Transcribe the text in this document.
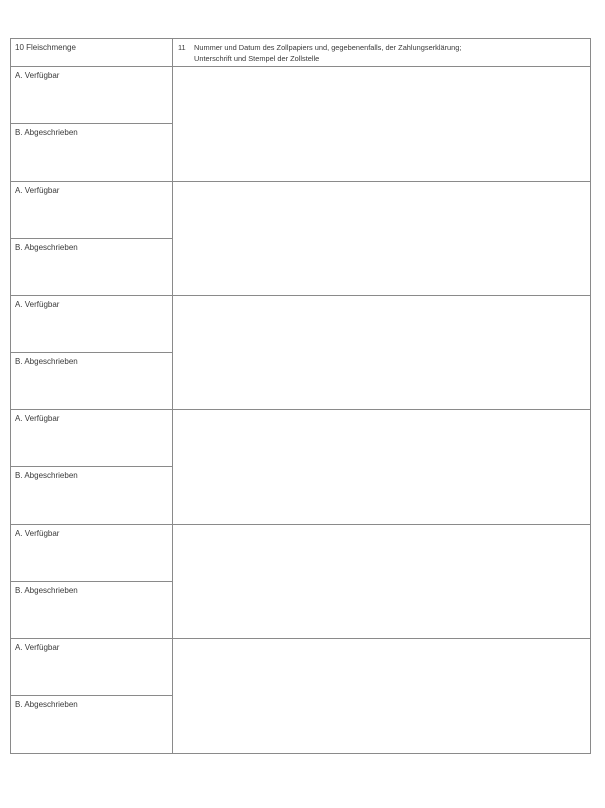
10 Fleischmenge	11 Nummer und Datum des Zollpapiers und, gegebenenfalls, der Zahlungserklärung;
Unterschrift und Stempel der Zollstelle
A. Verfügbar
B. Abgeschrieben
A. Verfügbar
B. Abgeschrieben
A. Verfügbar
B. Abgeschrieben
A. Verfügbar
B. Abgeschrieben
A. Verfügbar
B. Abgeschrieben
A. Verfügbar
B. Abgeschrieben
